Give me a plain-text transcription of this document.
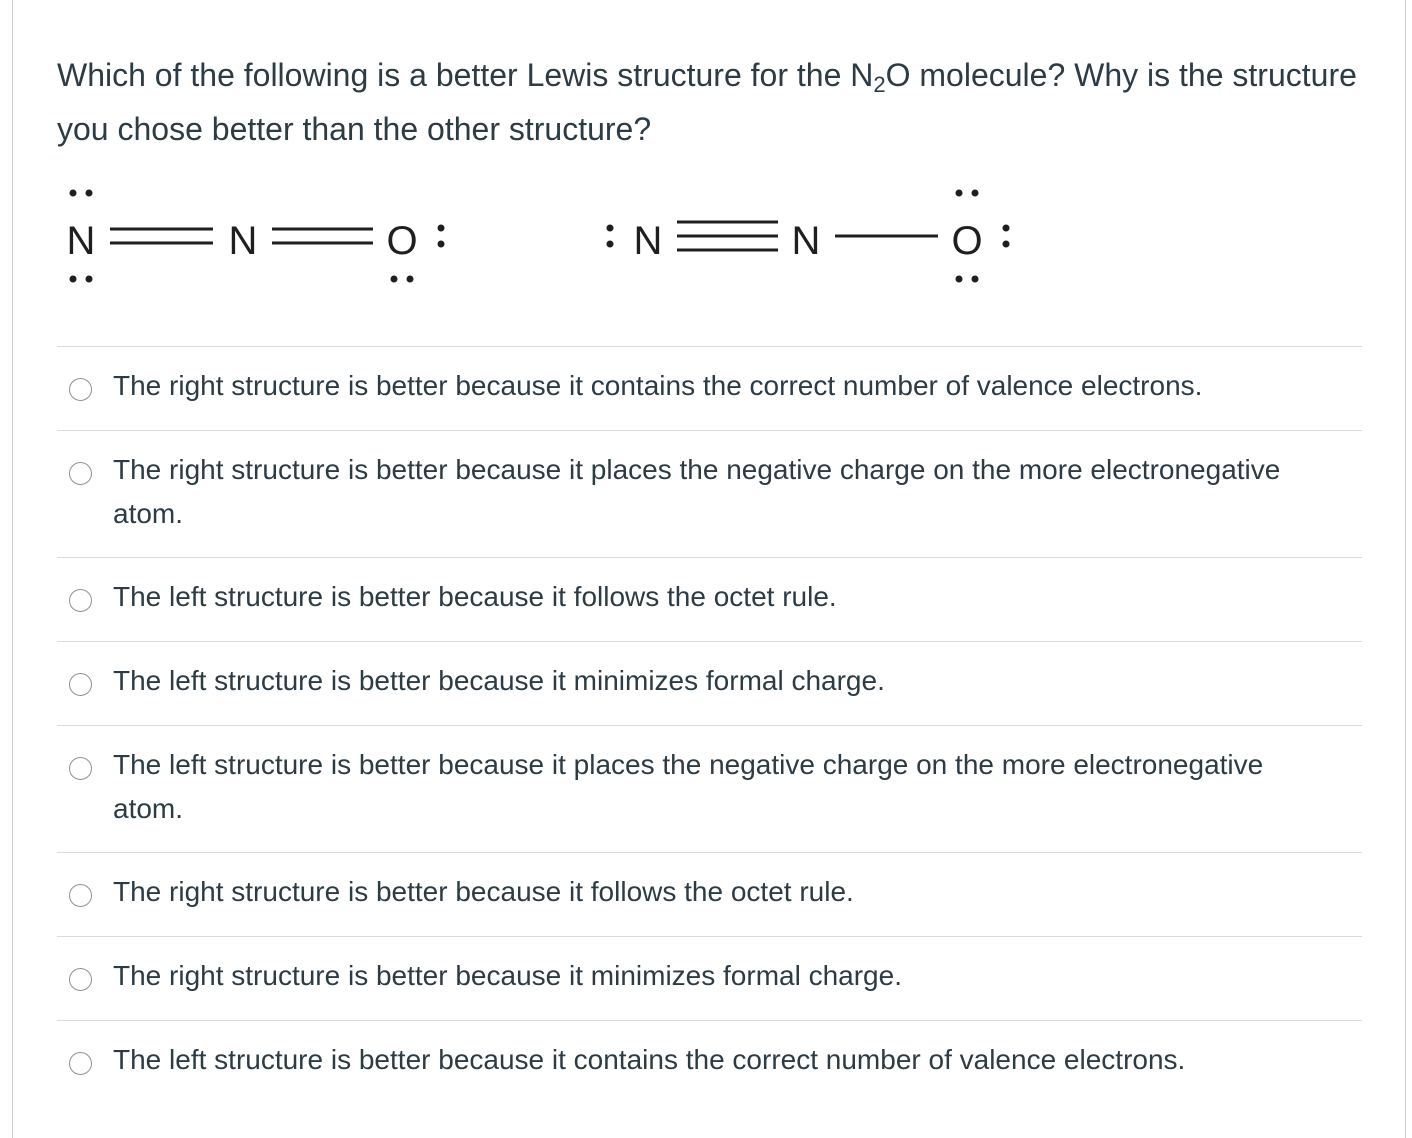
Which of the following is a better Lewis structure for the $N_2O$ molecule? Why is the structure you chose better than the other structure?
N	N	O	N	N	O
The right structure is better because it contains the correct number of valence electrons.
The right structure is better because it places the negative charge on the more electronegative atom.
The left structure is better because it follows the octet rule.
The left structure is better because it minimizes formal charge.
The left structure is better because it places the negative charge on the more electronegative atom.
The right structure is better because it follows the octet rule.
The right structure is better because it minimizes formal charge.
The left structure is better because it contains the correct number of valence electrons.
